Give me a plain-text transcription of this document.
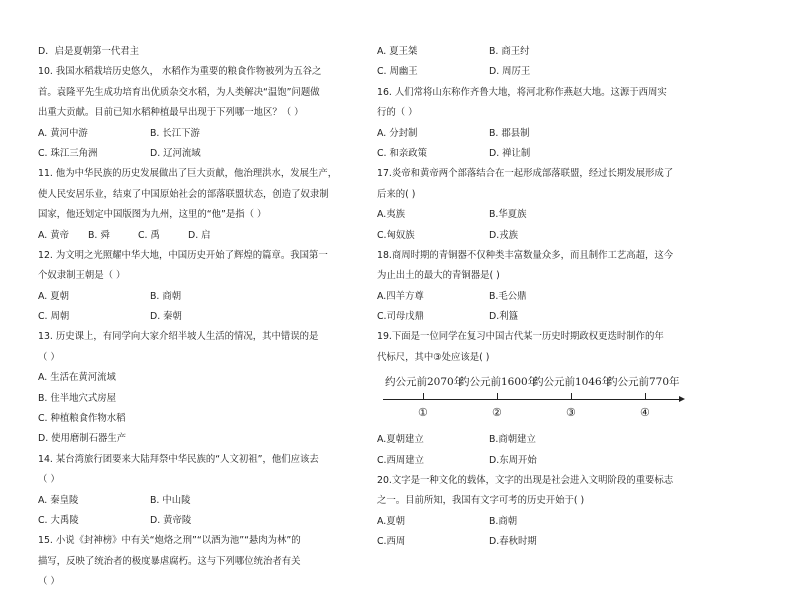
D．启是夏朝第一代君主
10. 我国水稻栽培历史悠久， 水稻作为重要的粮食作物被列为五谷之
首。袁隆平先生成功培育出优质杂交水稻，为人类解决“温饱”问题做
出重大贡献。目前已知水稻种植最早出现于下列哪一地区？（ ）
A. 黄河中游	B. 长江下游
C. 珠江三角洲	D. 辽河流域
11. 他为中华民族的历史发展做出了巨大贡献，他治理洪水，发展生产，
使人民安居乐业，结束了中国原始社会的部落联盟状态，创造了奴隶制
国家，他还划定中国版图为九州，这里的“他”是指（ ）
A. 黄帝 B. 舜	C. 禹	D. 启
12. 为文明之光照耀中华大地，中国历史开始了辉煌的篇章。我国第一
个奴隶制王朝是（ ）
A. 夏朝	B. 商朝
C. 周朝	D. 秦朝
13. 历史课上，有同学向大家介绍半坡人生活的情况，其中错误的是
（ ）
A. 生活在黄河流域
B. 住半地穴式房屋
C. 种植粮食作物水稻
D. 使用磨制石器生产
14. 某台湾旅行团要来大陆拜祭中华民族的“人文初祖”，他们应该去
（ ）
A. 秦皇陵	B. 中山陵
C. 大禹陵	D. 黄帝陵
15. 小说《封神榜》中有关“炮烙之刑”“以酒为池”“悬肉为林”的
描写，反映了统治者的极度暴虐腐朽。这与下列哪位统治者有关
（ ）
A. 夏王桀	B. 商王纣
C. 周幽王	D. 周厉王
16. 人们常将山东称作齐鲁大地，将河北称作燕赵大地。这源于西周实
行的（ ）
A. 分封制	B. 郡县制
C. 和亲政策	D. 禅让制
17.炎帝和黄帝两个部落结合在一起形成部落联盟，经过长期发展形成了
后来的( )
A.夷族	B.华夏族
C.匈奴族	D.戎族
18.商周时期的青铜器不仅种类丰富数量众多，而且制作工艺高超，这今
为止出土的最大的青铜器是( )
A.四羊方尊	B.毛公鼎
C.司母戊鼎	D.利簋
19.下面是一位同学在复习中国古代某一历史时期政权更迭时制作的年
代标尺，其中③处应该是( )
约公元前2070年
①
约公元前1600年
②
约公元前1046年
③
约公元前770年
④
A.夏朝建立	B.商朝建立
C.西周建立	D.东周开始
20.文字是一种文化的载体，文字的出现是社会进入文明阶段的重要标志
之一。目前所知，我国有文字可考的历史开始于( )
A.夏朝	B.商朝
C.西周	D.春秋时期
